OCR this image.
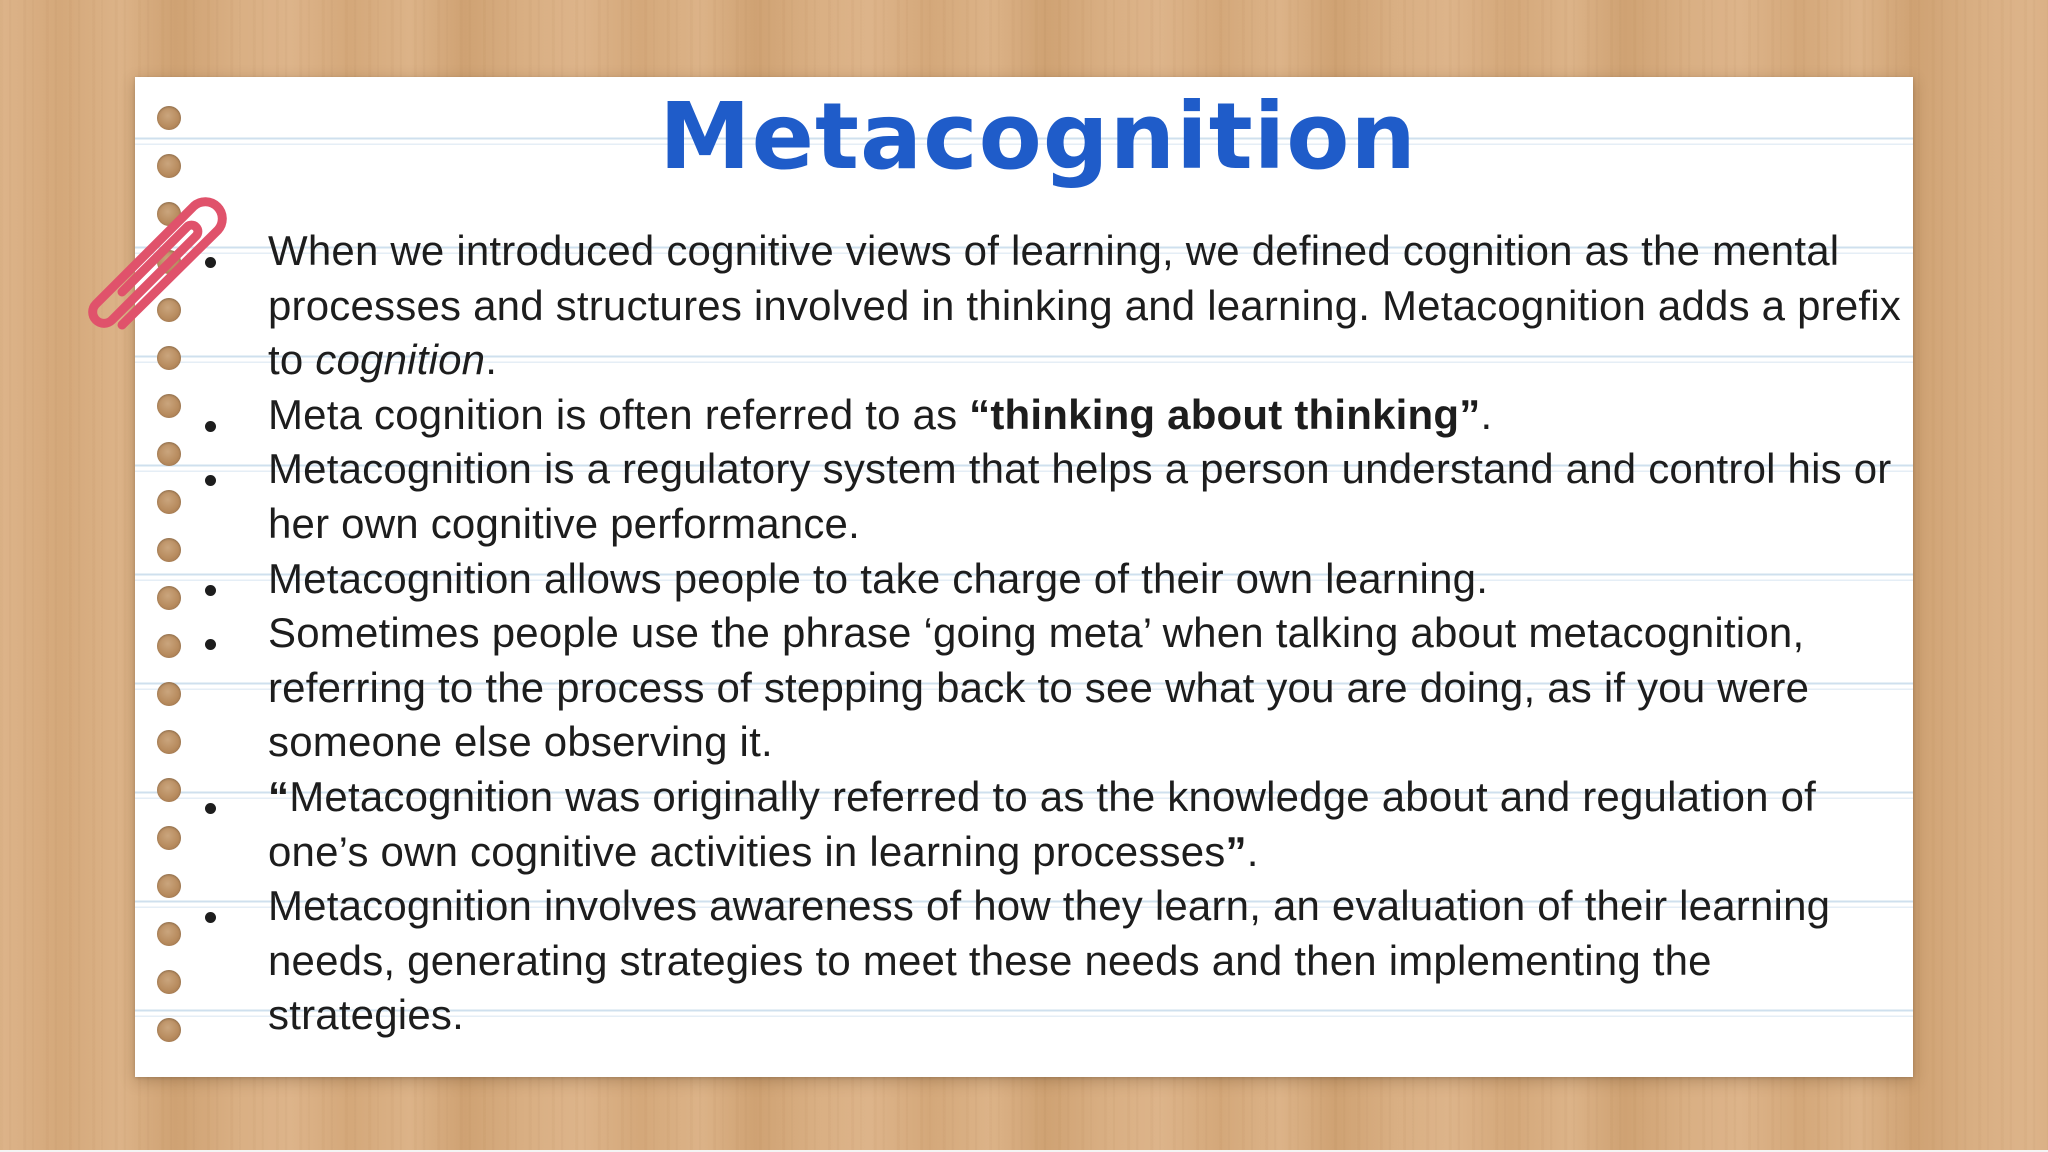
Metacognition
When we introduced cognitive views of learning, we defined cognition as the mental processes and structures involved in thinking and learning. Metacognition adds a prefix to cognition.
Meta cognition is often referred to as “thinking about thinking”.
Metacognition is a regulatory system that helps a person understand and control his or her own cognitive performance.
Metacognition allows people to take charge of their own learning.
Sometimes people use the phrase ‘going meta’ when talking about metacognition, referring to the process of stepping back to see what you are doing, as if you were someone else observing it.
“Metacognition was originally referred to as the knowledge about and regulation of one’s own cognitive activities in learning processes”.
Metacognition involves awareness of how they learn, an evaluation of their learning needs, generating strategies to meet these needs and then implementing the strategies.
